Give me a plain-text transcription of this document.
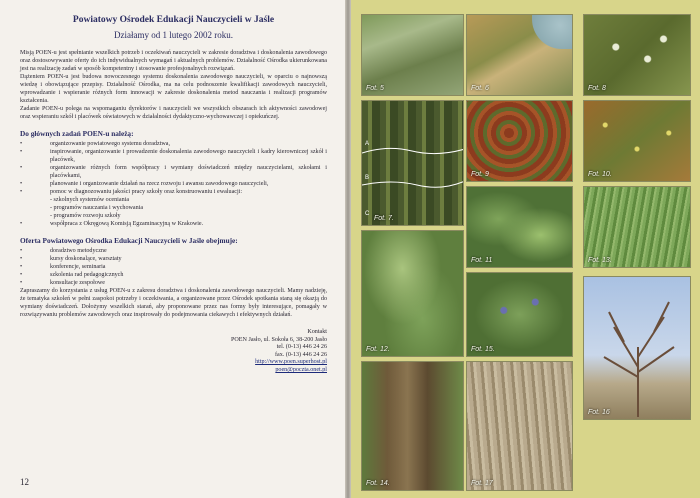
Powiatowy Ośrodek Edukacji Nauczycieli w Jaśle
Działamy od 1 lutego 2002 roku.

Misją POEN-u jest spełnianie wszelkich potrzeb i oczekiwań nauczycieli w zakresie doradztwa i doskonalenia zawodowego oraz dostosowywanie oferty do ich indywidualnych wymagań i aktualnych problemów. Działalność Ośrodka ukierunkowana jest na realizację zadań w sposób kompetentny i stosowanie profesjonalnych rozwiązań.

Dążeniem POEN-u jest budowa nowoczesnego systemu doskonalenia zawodowego nauczycieli, w oparciu o najnowszą wiedzę i obowiązujące przepisy. Działalność Ośrodka, ma na celu podnoszenie kwalifikacji zawodowych nauczycieli, wprowadzanie i wspieranie różnych form innowacji w zakresie doskonalenia metod nauczania i realizacji programów kształcenia.

Zadanie POEN-u polega na wspomaganiu dyrektorów i nauczycieli we wszystkich obszarach ich aktywności zawodowej oraz wspieraniu szkół i placówek oświatowych w działalności dydaktyczno-wychowawczej i opiekuńczej.

Do głównych zadań POEN-u należą:
•	organizowanie powiatowego systemu doradztwa,
•	inspirowanie, organizowanie i prowadzenie doskonalenia zawodowego nauczycieli i kadry kierowniczej szkół i placówek,
•	organizowanie różnych form współpracy i wymiany doświadczeń między nauczycielami, szkołami i placówkami,
•	planowanie i organizowanie działań na rzecz rozwoju i awansu zawodowego nauczycieli,
•	pomoc w diagnozowaniu jakości pracy szkoły oraz konstruowaniu i ewaluacji:
- szkolnych systemów oceniania
- programów nauczania i wychowania
- programów rozwoju szkoły
•	współpraca z Okręgową Komisją Egzaminacyjną w Krakowie.
Oferta Powiatowego Ośrodka Edukacji Nauczycieli w Jaśle obejmuje:
•	doradztwo metodyczne
•	kursy doskonalące, warsztaty
•	konferencje, seminaria
•	szkolenia rad pedagogicznych
•	konsultacje zespołowe

Zapraszamy do korzystania z usług POEN-u z zakresu doradztwa i doskonalenia zawodowego nauczycieli. Mamy nadzieję, że tematyka szkoleń w pełni zaspokoi potrzeby i oczekiwania, a organizowane przez Ośrodek spotkania staną się okazją do wymiany doświadczeń. Dołożymy wszelkich starań, aby proponowane przez nas formy były interesujące, pomagały w rozwiązywaniu problemów zawodowych oraz inspirowały do podejmowania ciekawych i efektywnych działań.

Kontakt
POEN Jasło, ul. Sokoła 6, 38-200 Jasło
tel. (0-13) 446 24 26
fax. (0-13) 446 24 26
http://www.poen.superhost.pl
poen@poczta.onet.pl
12
Fot. 5	Fot. 6	Fot. 8
A
B
C
Fot. 7.
Fot. 9	Fot. 10.
Fot. 11	Fot. 13.
Fot. 12.	Fot. 15.
Fot. 16
Fot. 14.	Fot. 17
